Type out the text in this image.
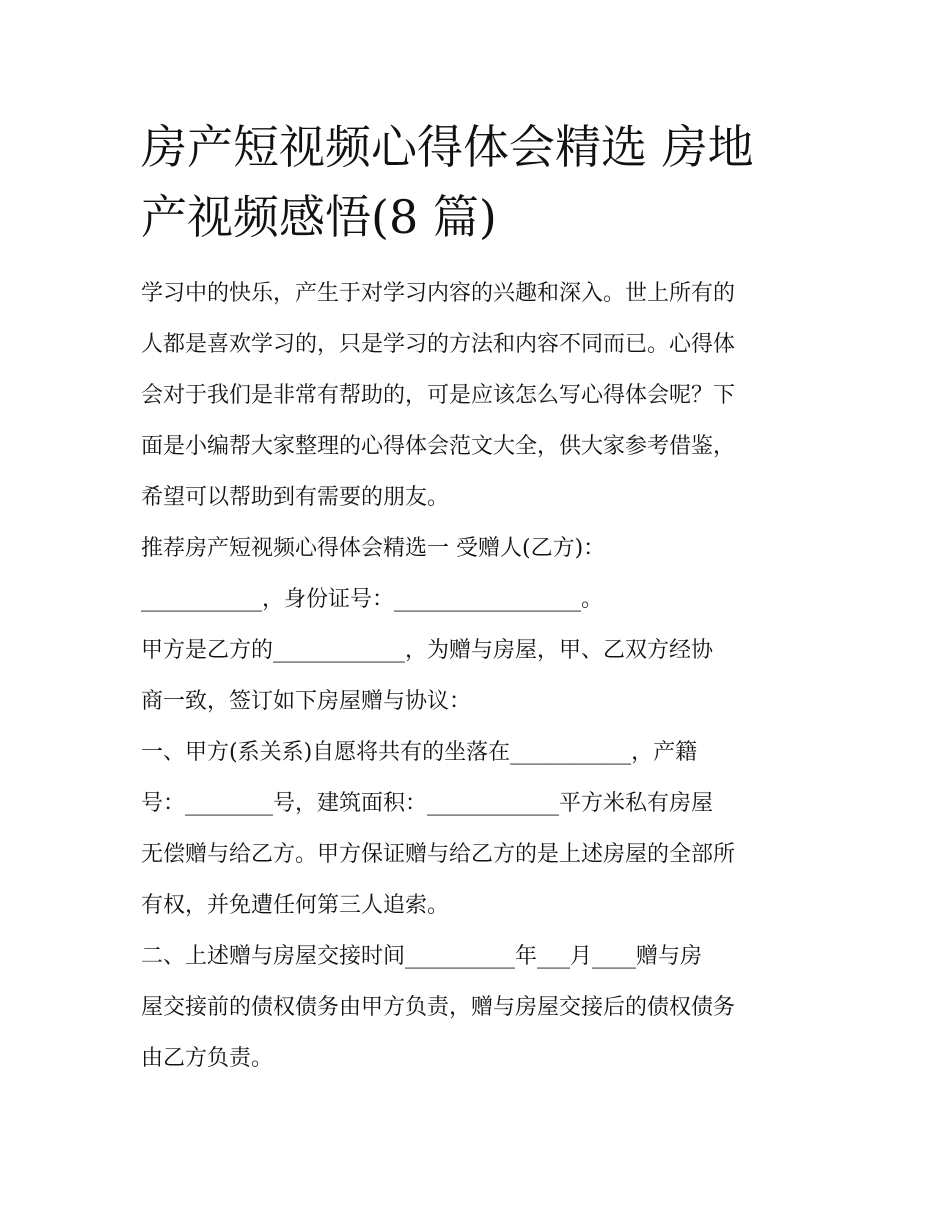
房产短视频心得体会精选 房地
产视频感悟(8 篇)

学习中的快乐，产生于对学习内容的兴趣和深入。世上所有的

人都是喜欢学习的，只是学习的方法和内容不同而已。心得体

会对于我们是非常有帮助的，可是应该怎么写心得体会呢？下

面是小编帮大家整理的心得体会范文大全，供大家参考借鉴，

希望可以帮助到有需要的朋友。

推荐房产短视频心得体会精选一 受赠人(乙方)：

___________，身份证号：_________________。

甲方是乙方的____________，为赠与房屋，甲、乙双方经协

商一致，签订如下房屋赠与协议：

一、甲方(系关系)自愿将共有的坐落在___________，产籍

号：________号，建筑面积：____________平方米私有房屋

无偿赠与给乙方。甲方保证赠与给乙方的是上述房屋的全部所

有权，并免遭任何第三人追索。

二、上述赠与房屋交接时间__________年___月____赠与房

屋交接前的债权债务由甲方负责，赠与房屋交接后的债权债务

由乙方负责。
